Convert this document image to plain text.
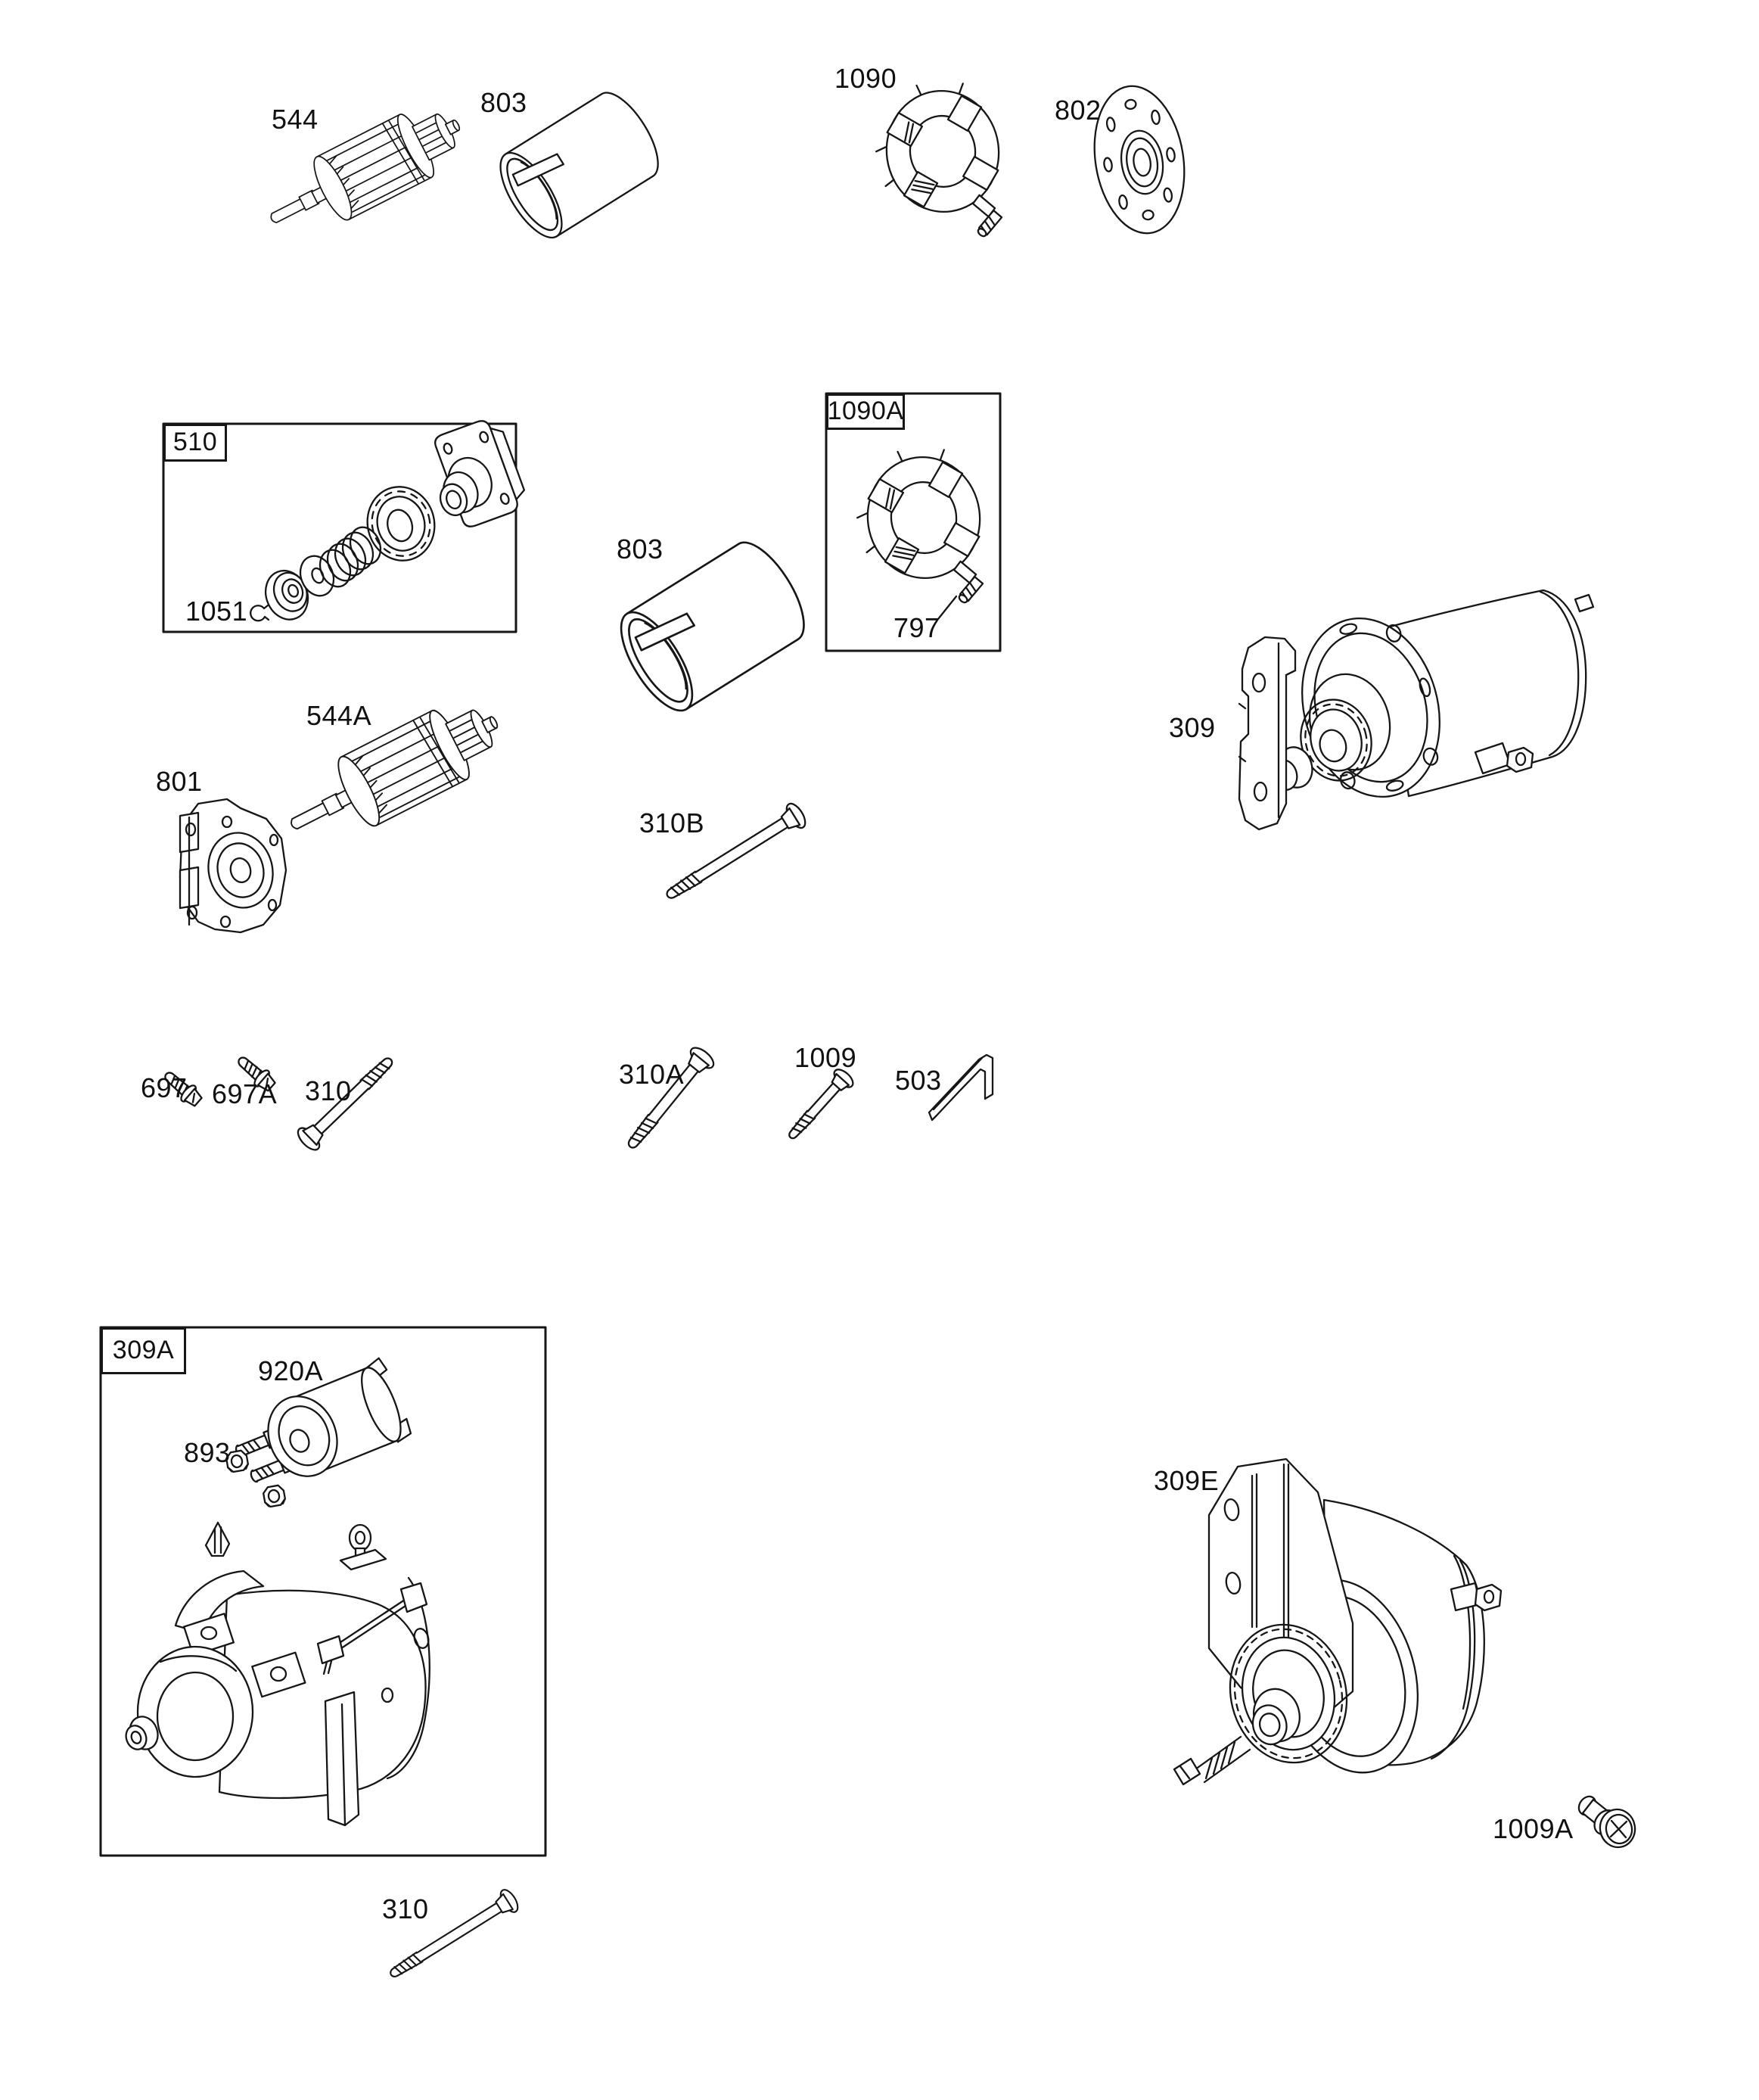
544
803
1090
802
510
1051
803
1090A
797
309
544A
801
310B
697 697A 310
310A
1009
503
309A
920A
893
309E
1009A
310
